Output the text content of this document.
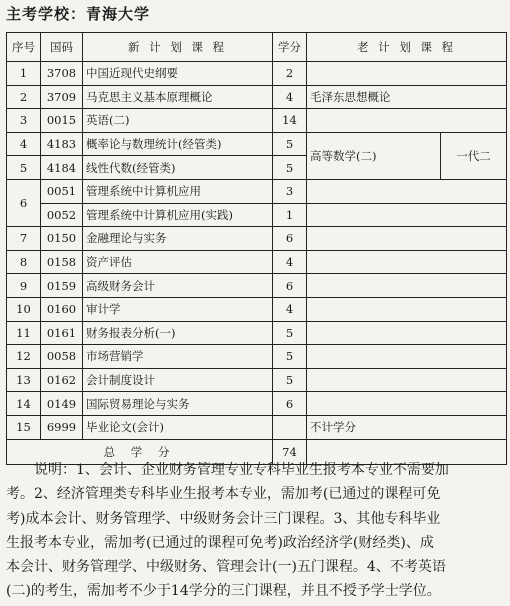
主考学校：青海大学
序号	国码	新 计 划 课 程	学分	老 计 划 课 程	
1	3708	中国近现代史纲要	2		
2	3709	马克思主义基本原理概论	4	毛泽东思想概论	
3	0015	英语(二)	14		
4	4183	概率论与数理统计(经管类)	5	高等数学(二)	一代二
5	4184	线性代数(经管类)	5		
6	0051	管理系统中计算机应用	3		
	0052	管理系统中计算机应用(实践)	1		
7	0150	金融理论与实务	6		
8	0158	资产评估	4		
9	0159	高级财务会计	6		
10	0160	审计学	4		
11	0161	财务报表分析(一)	5		
12	0058	市场营销学	5		
13	0162	会计制度设计	5		
14	0149	国际贸易理论与实务	6		
15	6999	毕业论文(会计)		不计学分	
总 学 分			74		
说明：1、会计、企业财务管理专业专科毕业生报考本专业不需要加
考。2、经济管理类专科毕业生报考本专业，需加考(已通过的课程可免
考)成本会计、财务管理学、中级财务会计三门课程。3、其他专科毕业
生报考本专业，需加考(已通过的课程可免考)政治经济学(财经类)、成
本会计、财务管理学、中级财务、管理会计(一)五门课程。4、不考英语
(二)的考生，需加考不少于14学分的三门课程，并且不授予学士学位。
